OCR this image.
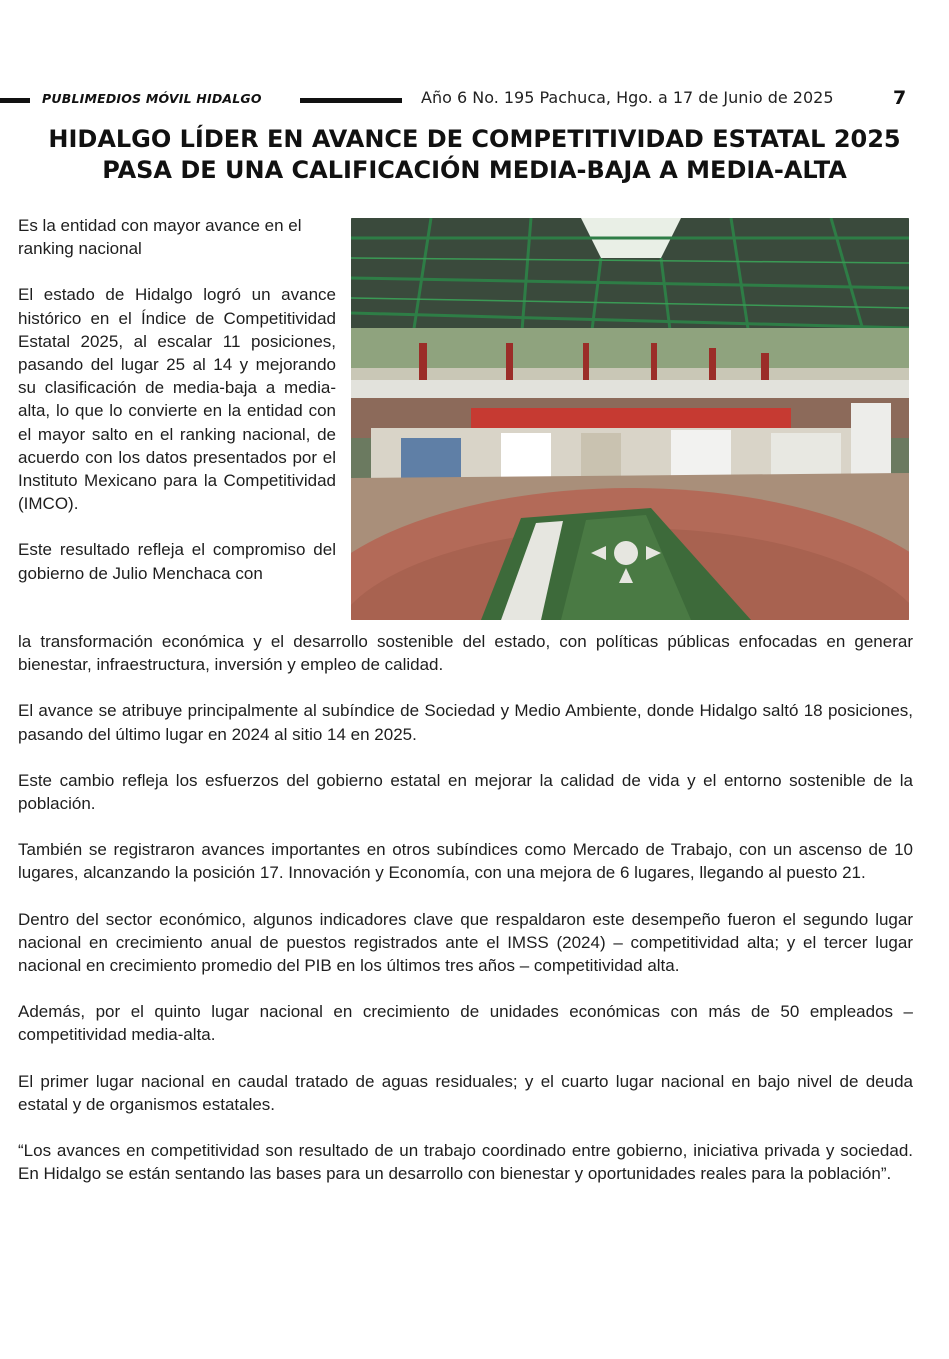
PUBLIMEDIOS MÓVIL HIDALGO	Año 6 No. 195 Pachuca, Hgo. a 17 de Junio de 2025	7
HIDALGO LÍDER EN AVANCE DE COMPETITIVIDAD ESTATAL 2025
PASA DE UNA CALIFICACIÓN MEDIA-BAJA A MEDIA-ALTA

Es la entidad con mayor avance en el ranking nacional

El estado de Hidalgo logró un avance histórico en el Índice de Competitividad Estatal 2025, al escalar 11 posiciones, pasando del lugar 25 al 14 y mejorando su clasificación de media-baja a media-alta, lo que lo convierte en la entidad con el mayor salto en el ranking nacional, de acuerdo con los datos presentados por el Instituto Mexicano para la Competitividad (IMCO).

Este resultado refleja el compromiso del gobierno de Julio Menchaca con

la transformación económica y el desarrollo sostenible del estado, con políticas públicas enfocadas en generar bienestar, infraestructura, inversión y empleo de calidad.

El avance se atribuye principalmente al subíndice de Sociedad y Medio Ambiente, donde Hidalgo saltó 18 posiciones, pasando del último lugar en 2024 al sitio 14 en 2025.

Este cambio refleja los esfuerzos del gobierno estatal en mejorar la calidad de vida y el entorno sostenible de la población.

También se registraron avances importantes en otros subíndices como Mercado de Trabajo, con un ascenso de 10 lugares, alcanzando la posición 17. Innovación y Economía, con una mejora de 6 lugares, llegando al puesto 21.

Dentro del sector económico, algunos indicadores clave que respaldaron este desempeño fueron el segundo lugar nacional en crecimiento anual de puestos registrados ante el IMSS (2024) – competitividad alta; y el tercer lugar nacional en crecimiento promedio del PIB en los últimos tres años – competitividad alta.

Además, por el quinto lugar nacional en crecimiento de unidades económicas con más de 50 empleados – competitividad media-alta.

El primer lugar nacional en caudal tratado de aguas residuales; y el cuarto lugar nacional en bajo nivel de deuda estatal y de organismos estatales.

“Los avances en competitividad son resultado de un trabajo coordinado entre gobierno, iniciativa privada y sociedad. En Hidalgo se están sentando las bases para un desarrollo con bienestar y oportunidades reales para la población”.
